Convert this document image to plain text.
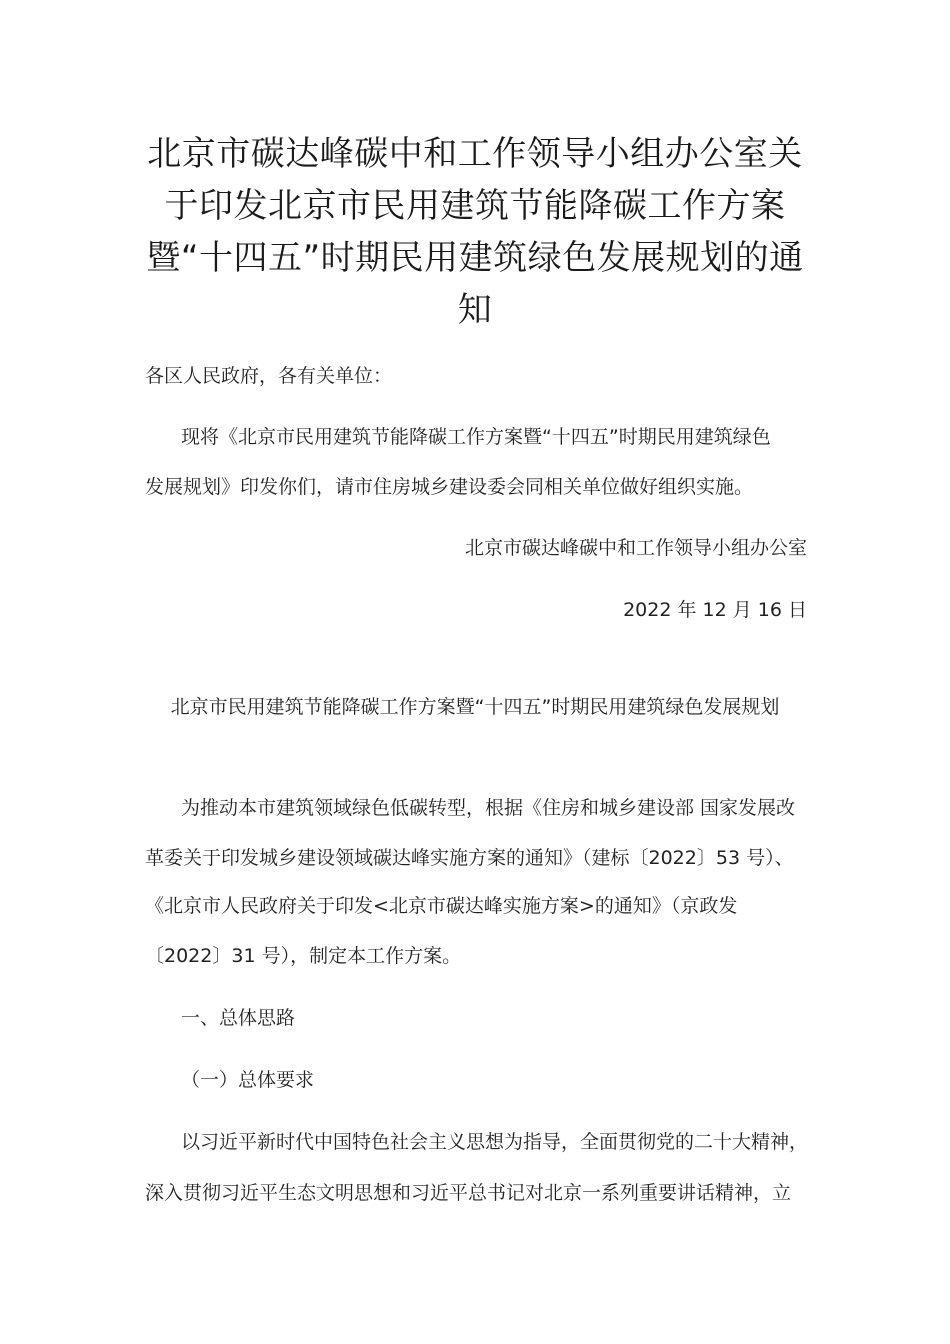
北京市碳达峰碳中和工作领导小组办公室关于印发北京市民用建筑节能降碳工作方案暨“十四五”时期民用建筑绿色发展规划的通知

各区人民政府，各有关单位：

现将《北京市民用建筑节能降碳工作方案暨“十四五”时期民用建筑绿色

发展规划》印发你们，请市住房城乡建设委会同相关单位做好组织实施。

北京市碳达峰碳中和工作领导小组办公室
2022 年 12 月 16 日
北京市民用建筑节能降碳工作方案暨“十四五”时期民用建筑绿色发展规划

为推动本市建筑领域绿色低碳转型，根据《住房和城乡建设部 国家发展改

革委关于印发城乡建设领域碳达峰实施方案的通知》（建标〔2022〕53 号）、

《北京市人民政府关于印发<北京市碳达峰实施方案>的通知》（京政发

〔2022〕31 号），制定本工作方案。

一、总体思路

（一）总体要求

以习近平新时代中国特色社会主义思想为指导，全面贯彻党的二十大精神，

深入贯彻习近平生态文明思想和习近平总书记对北京一系列重要讲话精神，立
